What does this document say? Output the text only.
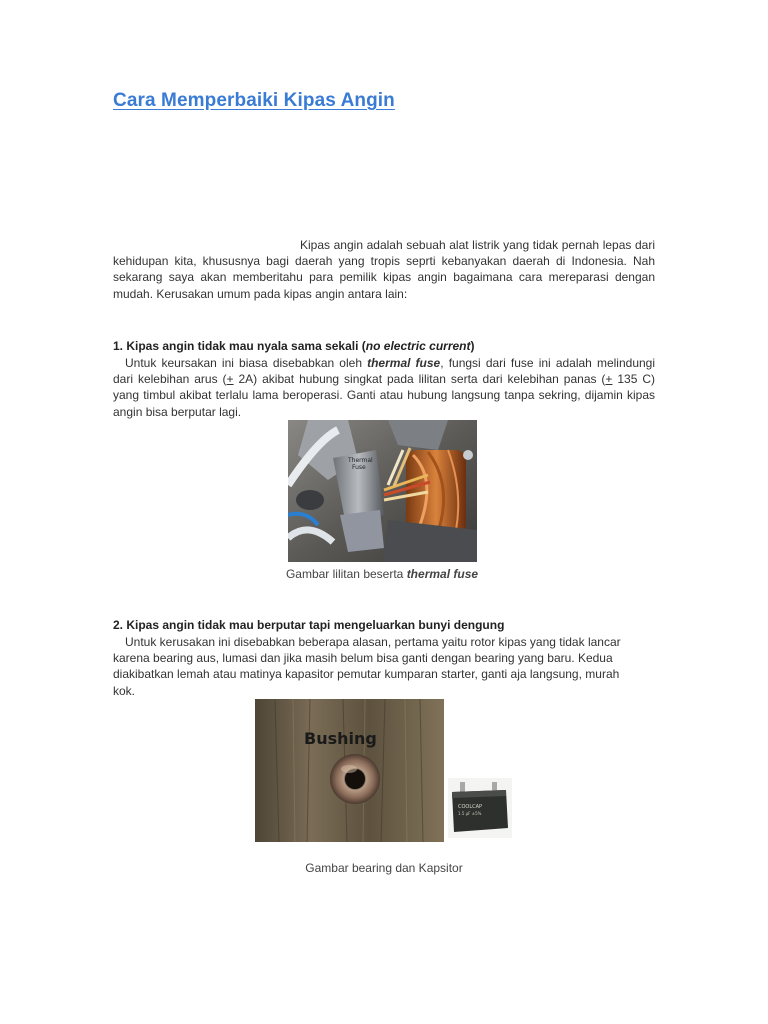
Cara Memperbaiki Kipas Angin

Kipas angin adalah sebuah alat listrik yang tidak pernah lepas dari kehidupan kita, khususnya bagi daerah yang tropis seprti kebanyakan daerah di Indonesia. Nah sekarang saya akan memberitahu para pemilik kipas angin bagaimana cara mereparasi dengan mudah. Kerusakan umum pada kipas angin antara lain:

1. Kipas angin tidak mau nyala sama sekali (no electric current)

Untuk keursakan ini biasa disebabkan oleh thermal fuse, fungsi dari fuse ini adalah melindungi dari kelebihan arus (+ 2A) akibat hubung singkat pada lilitan serta dari kelebihan panas (+ 135 C) yang timbul akibat terlalu lama beroperasi. Ganti atau hubung langsung tanpa sekring, dijamin kipas angin bisa berputar lagi.

Thermal
Fuse

Gambar lilitan beserta thermal fuse

2. Kipas angin tidak mau berputar tapi mengeluarkan bunyi dengung

Untuk kerusakan ini disebabkan beberapa alasan, pertama yaitu rotor kipas yang tidak lancar karena bearing aus, lumasi dan jika masih belum bisa ganti dengan bearing yang baru. Kedua diakibatkan lemah atau matinya kapasitor pemutar kumparan starter, ganti aja langsung, murah kok.

Bushing
COOLCAP
1.5 µF ±5%

Gambar bearing dan Kapsitor
